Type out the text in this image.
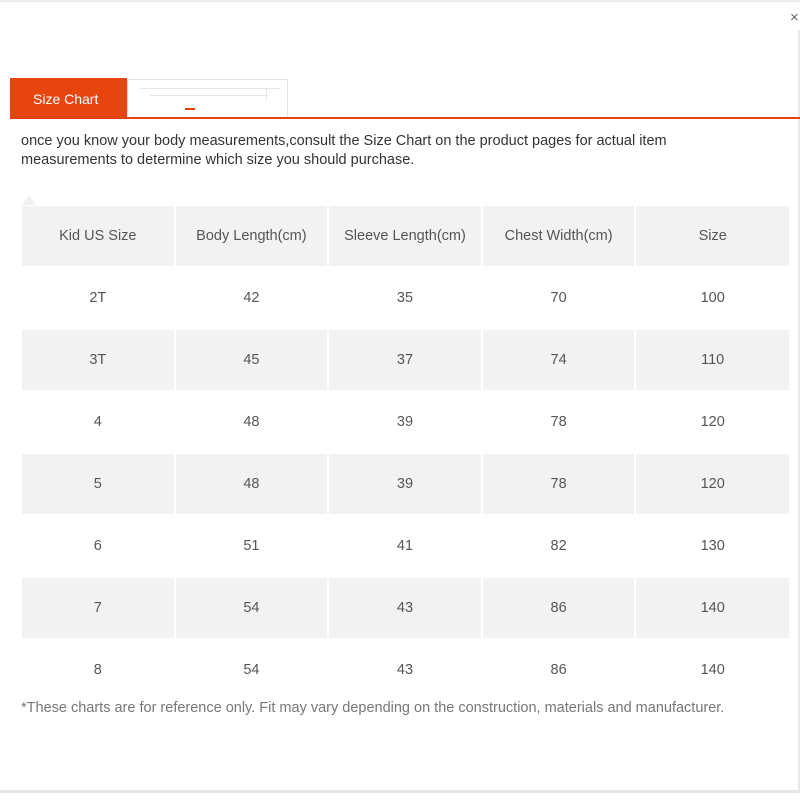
×
Size Chart
once you know your body measurements,consult the Size Chart on the product pages for actual item measurements to determine which size you should purchase.
Kid US Size	Body Length(cm)	Sleeve Length(cm)	Chest Width(cm)	Size
2T	42	35	70	100
3T	45	37	74	110
4	48	39	78	120
5	48	39	78	120
6	51	41	82	130
7	54	43	86	140
8	54	43	86	140
*These charts are for reference only. Fit may vary depending on the construction, materials and manufacturer.
